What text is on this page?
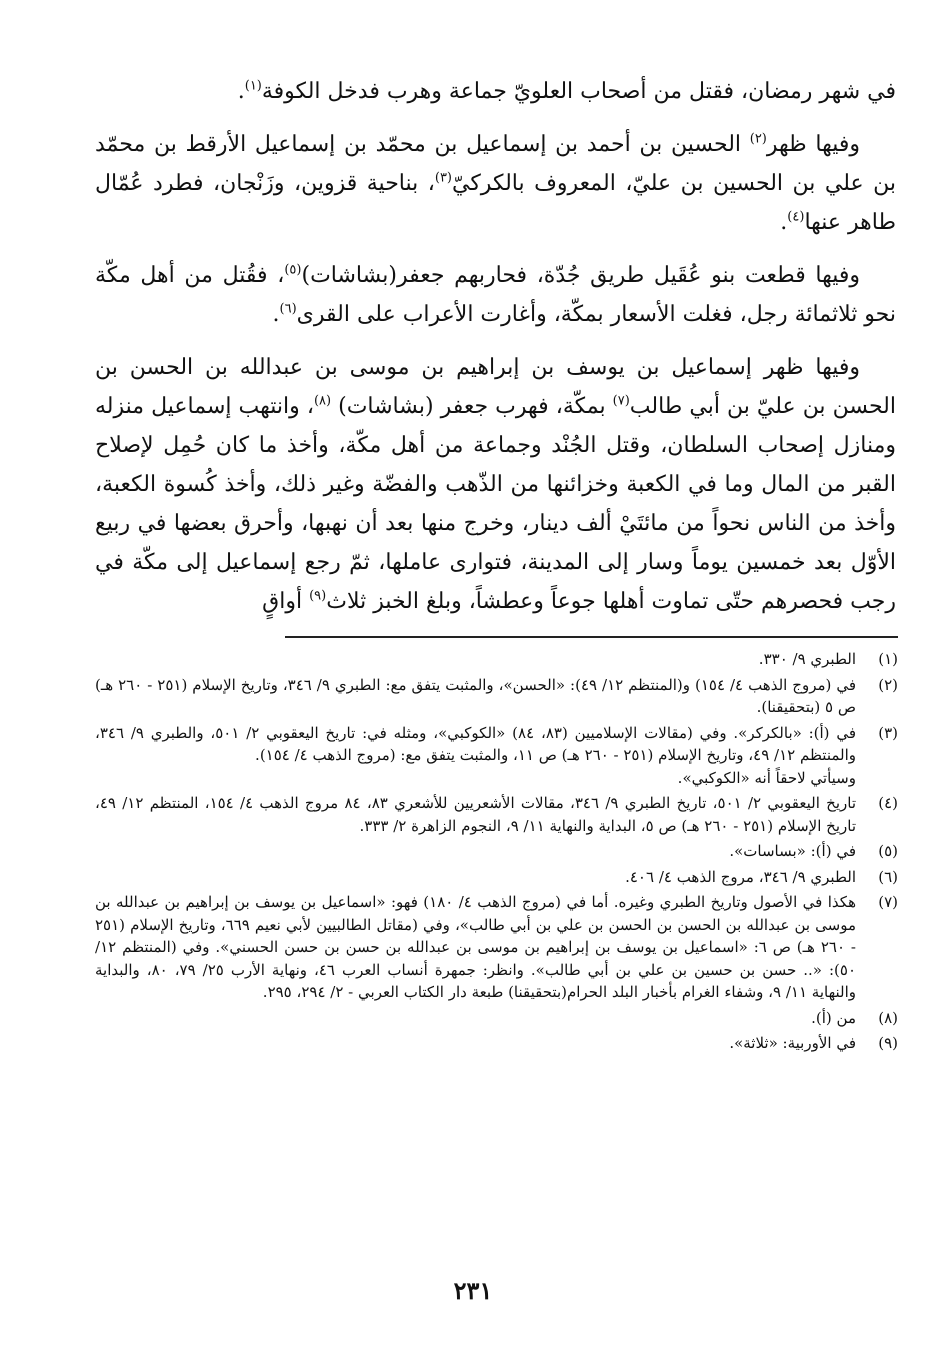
في شهر رمضان، فقتل من أصحاب العلويّ جماعة وهرب فدخل الكوفة$^{(١)}$.

وفيها ظهر$^{(٢)}$ الحسين بن أحمد بن إسماعيل بن محمّد بن إسماعيل الأرقط بن محمّد بن علي بن الحسين بن عليّ، المعروف بالكركيّ$^{(٣)}$، بناحية قزوين، وزَنْجان، فطرد عُمّال طاهر عنها$^{(٤)}$.

وفيها قطعت بنو عُقَيل طريق جُدّة، فحاربهم جعفر(بشاشات)$^{(٥)}$، فقُتل من أهل مكّة نحو ثلاثمائة رجل، فغلت الأسعار بمكّة، وأغارت الأعراب على القرى$^{(٦)}$.

وفيها ظهر إسماعيل بن يوسف بن إبراهيم بن موسى بن عبدالله بن الحسن بن الحسن بن عليّ بن أبي طالب$^{(٧)}$ بمكّة، فهرب جعفر (بشاشات) $^{(٨)}$، وانتهب إسماعيل منزله ومنازل إصحاب السلطان، وقتل الجُنْد وجماعة من أهل مكّة، وأخذ ما كان حُمِل لإصلاح القبر من المال وما في الكعبة وخزائنها من الذّهب والفضّة وغير ذلك، وأخذ كُسوة الكعبة، وأخذ من الناس نحواً من مائتَيْ ألف دينار، وخرج منها بعد أن نهبها، وأحرق بعضها في ربيع الأوّل بعد خمسين يوماً وسار إلى المدينة، فتوارى عاملها، ثمّ رجع إسماعيل إلى مكّة في رجب فحصرهم حتّى تماوت أهلها جوعاً وعطشاً، وبلغ الخبز ثلاث$^{(٩)}$ أواقٍ

(١)
الطبري ٩/ ٣٣٠.
(٢)
في (مروج الذهب ٤/ ١٥٤) و(المنتظم ١٢/ ٤٩): «الحسن»، والمثبت يتفق مع: الطبري ٩/ ٣٤٦، وتاريخ الإسلام (٢٥١ - ٢٦٠ هـ) ص ٥ (بتحقيقنا).
(٣)
في (أ): «بالكركر». وفي (مقالات الإسلاميين (٨٣، ٨٤) «الكوكبي»، ومثله في: تاريخ اليعقوبي ٢/ ٥٠١، والطبري ٩/ ٣٤٦، والمنتظم ١٢/ ٤٩، وتاريخ الإسلام (٢٥١ - ٢٦٠ هـ) ص ١١، والمثبت يتفق مع: (مروج الذهب ٤/ ١٥٤).
وسيأتي لاحقاً أنه «الكوكبي».
(٤)
تاريخ اليعقوبي ٢/ ٥٠١، تاريخ الطبري ٩/ ٣٤٦، مقالات الأشعريين للأشعري ٨٣، ٨٤ مروج الذهب ٤/ ١٥٤، المنتظم ١٢/ ٤٩، تاريخ الإسلام (٢٥١ - ٢٦٠ هـ) ص ٥، البداية والنهاية ١١/ ٩، النجوم الزاهرة ٢/ ٣٣٣.
(٥)
في (أ): «بساسات».
(٦)
الطبري ٩/ ٣٤٦، مروج الذهب ٤/ ٤٠٦.
(٧)
هكذا في الأصول وتاريخ الطبري وغيره. أما في (مروج الذهب ٤/ ١٨٠) فهو: «اسماعيل بن يوسف بن إبراهيم بن عبدالله بن موسى بن عبدالله بن الحسن بن الحسن بن علي بن أبي طالب»، وفي (مقاتل الطالبيين لأبي نعيم ٦٦٩، وتاريخ الإسلام (٢٥١ - ٢٦٠ هـ) ص ٦: «اسماعيل بن يوسف بن إبراهيم بن موسى بن عبدالله بن حسن بن حسن الحسني». وفي (المنتظم ١٢/ ٥٠): «.. حسن بن حسين بن علي بن أبي طالب». وانظر: جمهرة أنساب العرب ٤٦، ونهاية الأرب ٢٥/ ٧٩، ٨٠، والبداية والنهاية ١١/ ٩، وشفاء الغرام بأخبار البلد الحرام(بتحقيقنا) طبعة دار الكتاب العربي - ٢/ ٢٩٤، ٢٩٥.
(٨)
من (أ).
(٩)
في الأوربية: «ثلاثة».
٢٣١
